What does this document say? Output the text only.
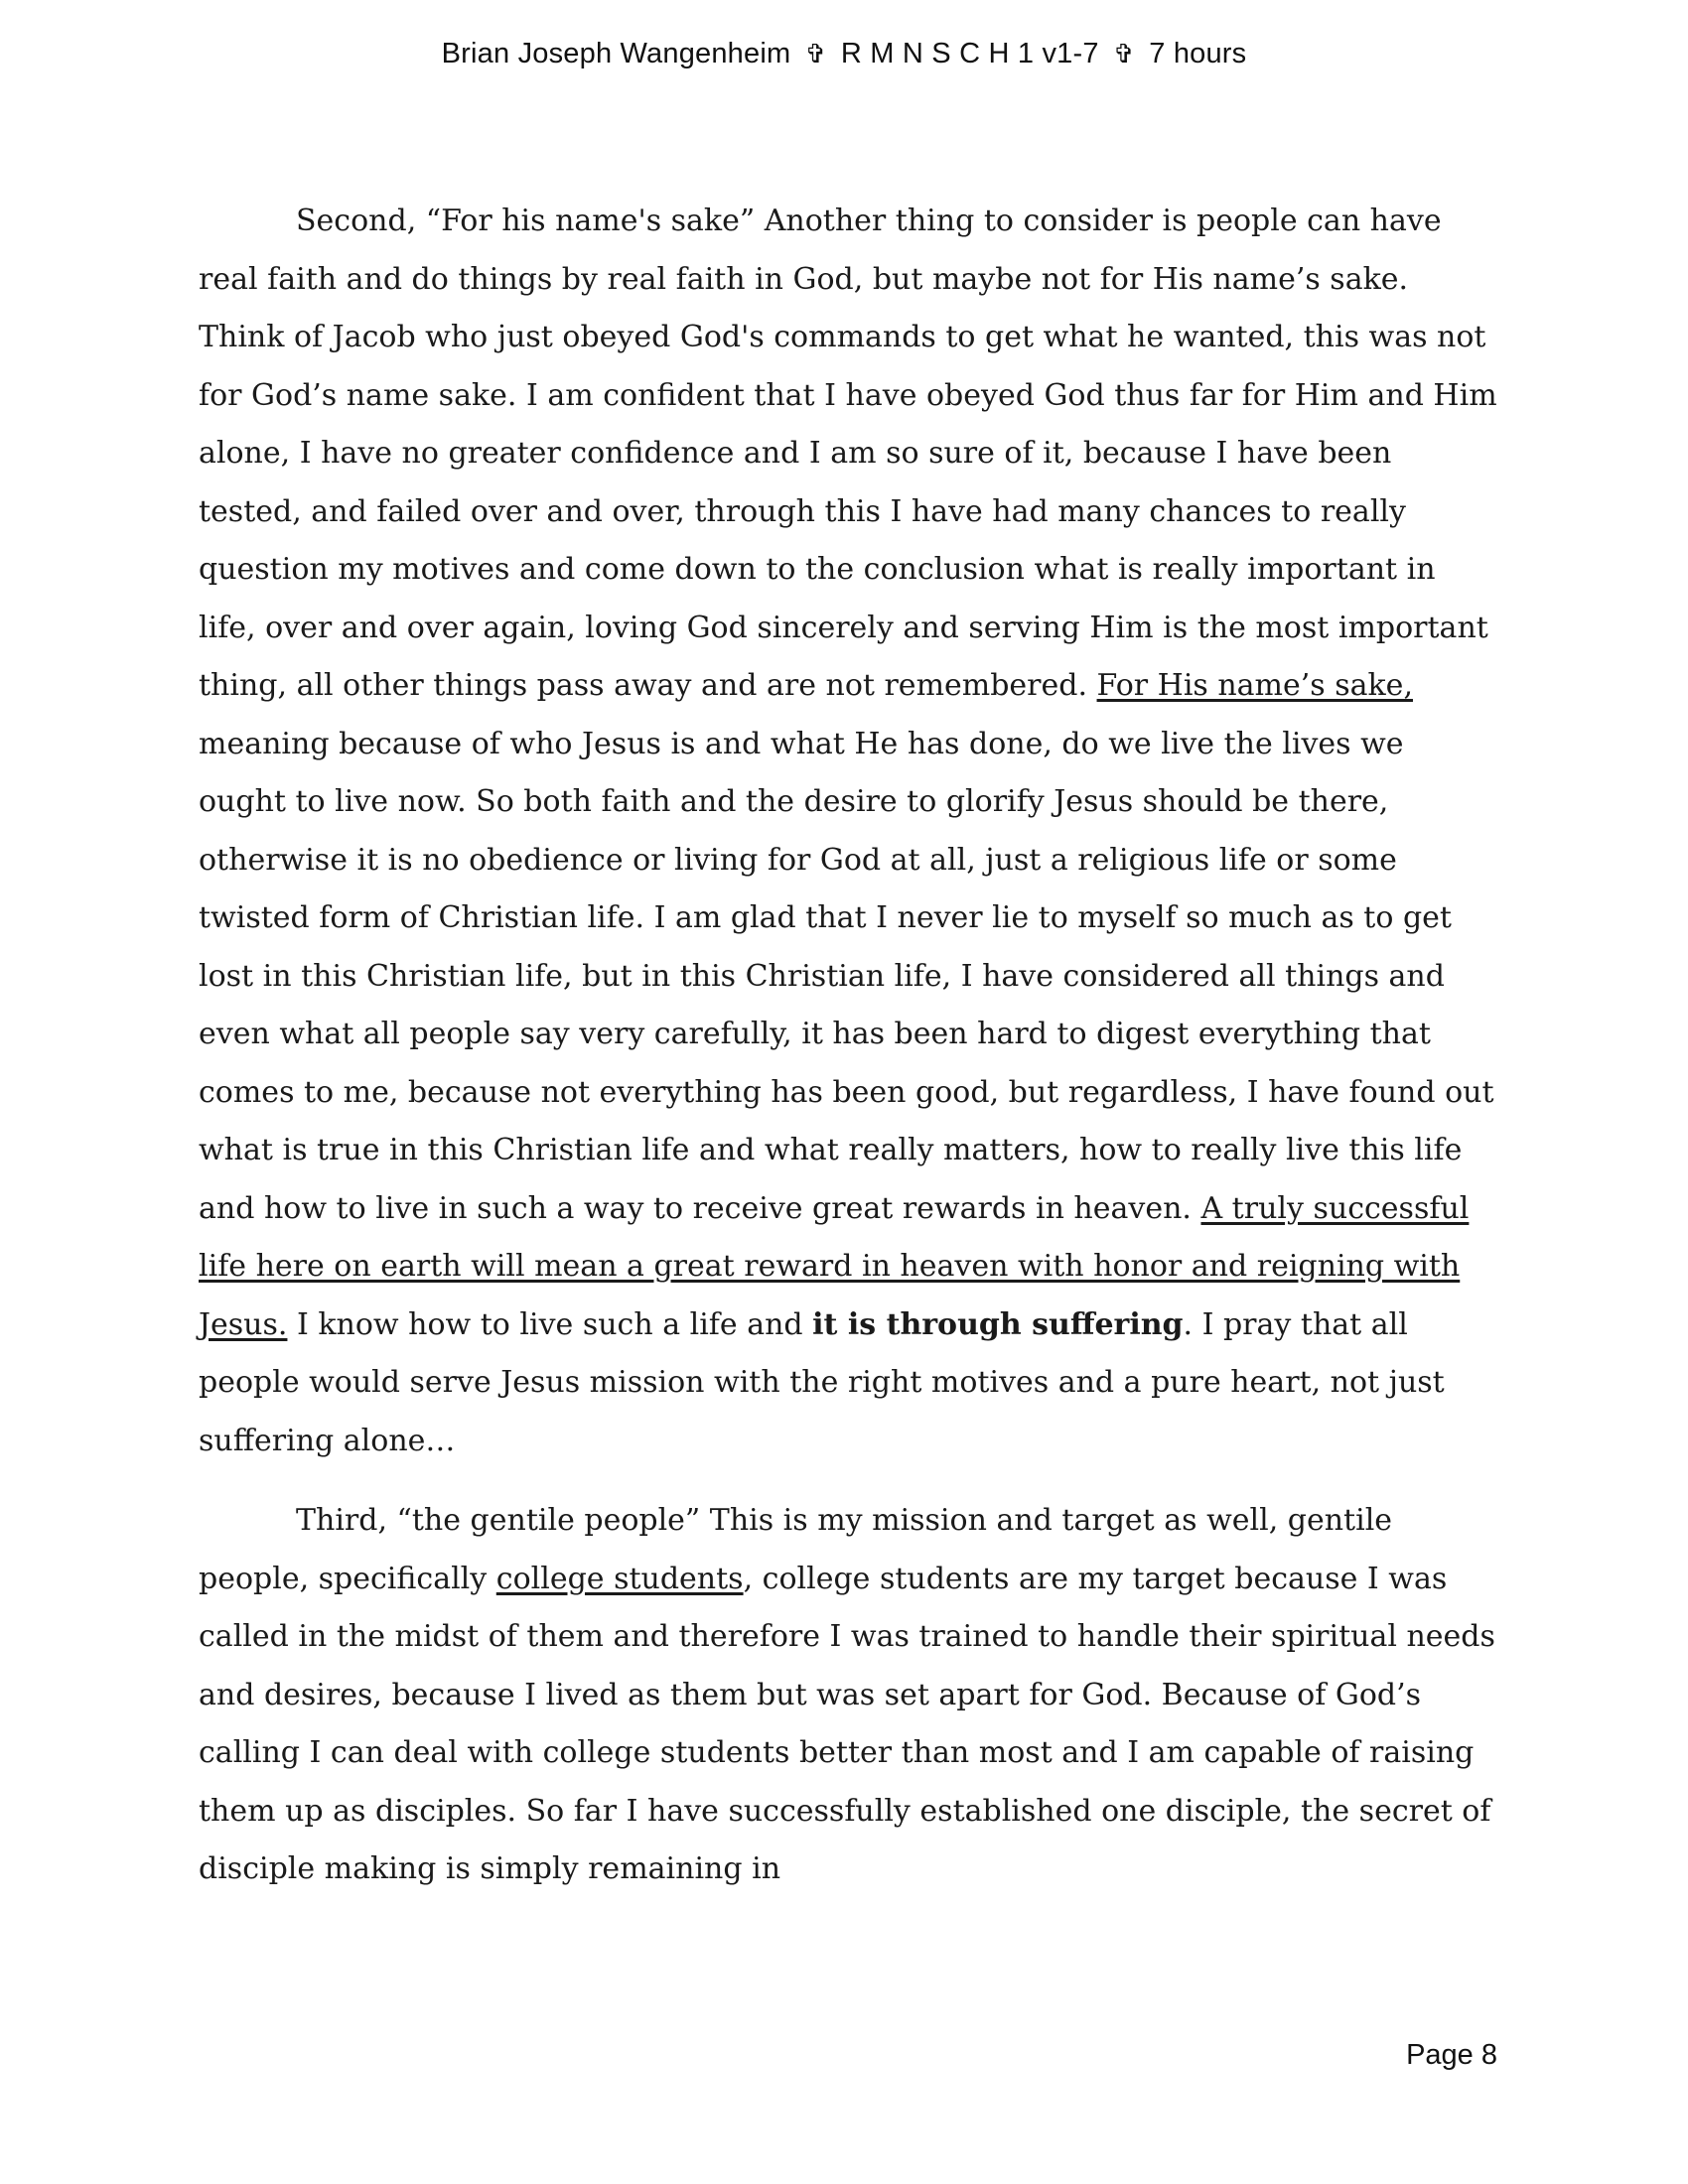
Brian Joseph Wangenheim ✞ R M N S C H 1 v1-7 ✞ 7 hours

Second, “For his name's sake” Another thing to consider is people can have real faith and do things by real faith in God, but maybe not for His name’s sake. Think of Jacob who just obeyed God's commands to get what he wanted, this was not for God’s name sake. I am confident that I have obeyed God thus far for Him and Him alone, I have no greater confidence and I am so sure of it, because I have been tested, and failed over and over, through this I have had many chances to really question my motives and come down to the conclusion what is really important in life, over and over again, loving God sincerely and serving Him is the most important thing, all other things pass away and are not remembered. For His name’s sake, meaning because of who Jesus is and what He has done, do we live the lives we ought to live now. So both faith and the desire to glorify Jesus should be there, otherwise it is no obedience or living for God at all, just a religious life or some twisted form of Christian life. I am glad that I never lie to myself so much as to get lost in this Christian life, but in this Christian life, I have considered all things and even what all people say very carefully, it has been hard to digest everything that comes to me, because not everything has been good, but regardless, I have found out what is true in this Christian life and what really matters, how to really live this life and how to live in such a way to receive great rewards in heaven. A truly successful life here on earth will mean a great reward in heaven with honor and reigning with Jesus. I know how to live such a life and it is through suffering. I pray that all people would serve Jesus mission with the right motives and a pure heart, not just suffering alone…

Third, “the gentile people” This is my mission and target as well, gentile people, specifically college students, college students are my target because I was called in the midst of them and therefore I was trained to handle their spiritual needs and desires, because I lived as them but was set apart for God. Because of God’s calling I can deal with college students better than most and I am capable of raising them up as disciples. So far I have successfully established one disciple, the secret of disciple making is simply remaining in

Page 8
